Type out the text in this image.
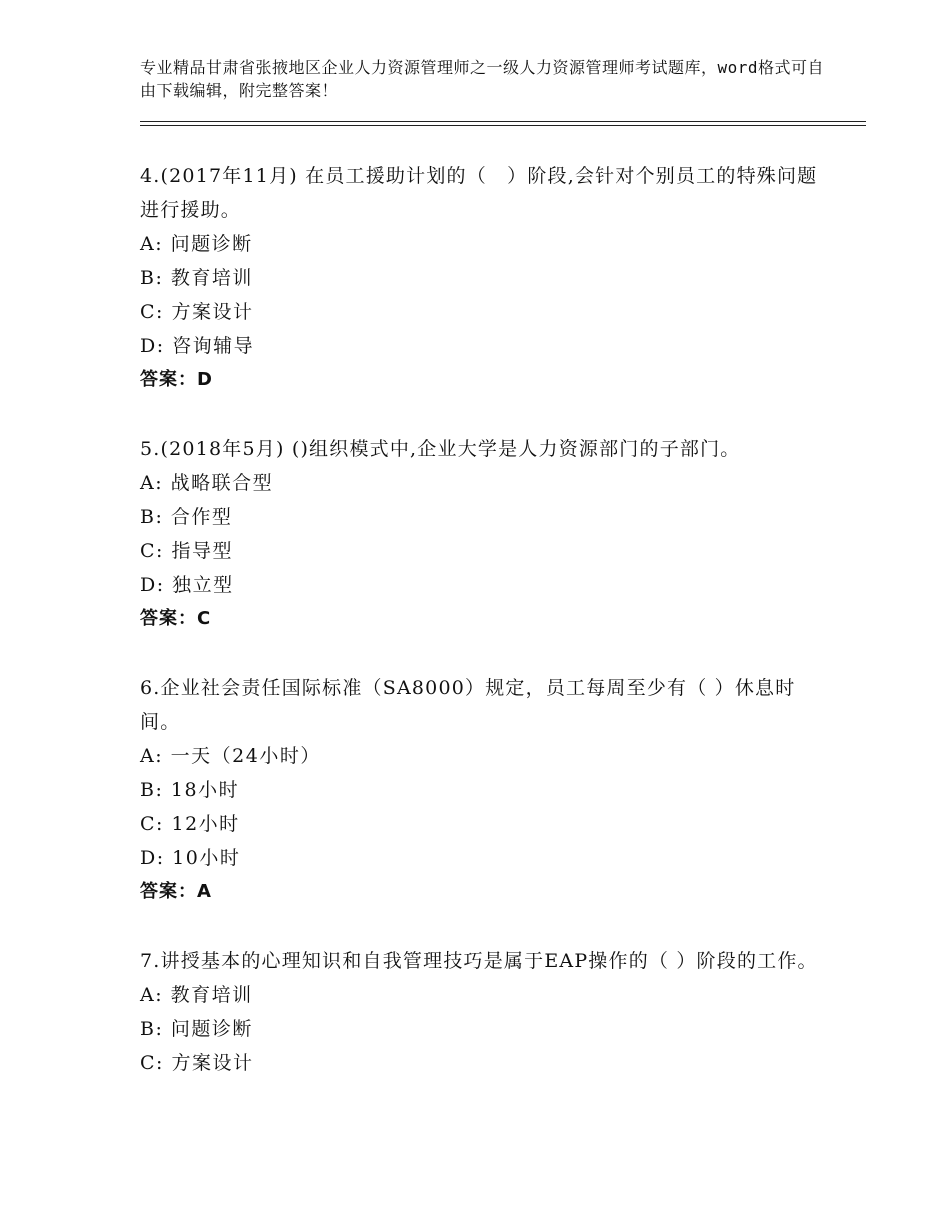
专业精品甘肃省张掖地区企业人力资源管理师之一级人力资源管理师考试题库，word格式可自由下载编辑，附完整答案！

4.(2017年11月) 在员工援助计划的（　）阶段,会针对个别员工的特殊问题进行援助。

A: 问题诊断

B: 教育培训

C: 方案设计

D: 咨询辅导

答案：D

5.(2018年5月) ()组织模式中,企业大学是人力资源部门的子部门。

A: 战略联合型

B: 合作型

C: 指导型

D: 独立型

答案：C

6.企业社会责任国际标准（SA8000）规定，员工每周至少有（ ）休息时间。

A: 一天（24小时）

B: 18小时

C: 12小时

D: 10小时

答案：A

7.讲授基本的心理知识和自我管理技巧是属于EAP操作的（ ）阶段的工作。

A: 教育培训

B: 问题诊断

C: 方案设计
